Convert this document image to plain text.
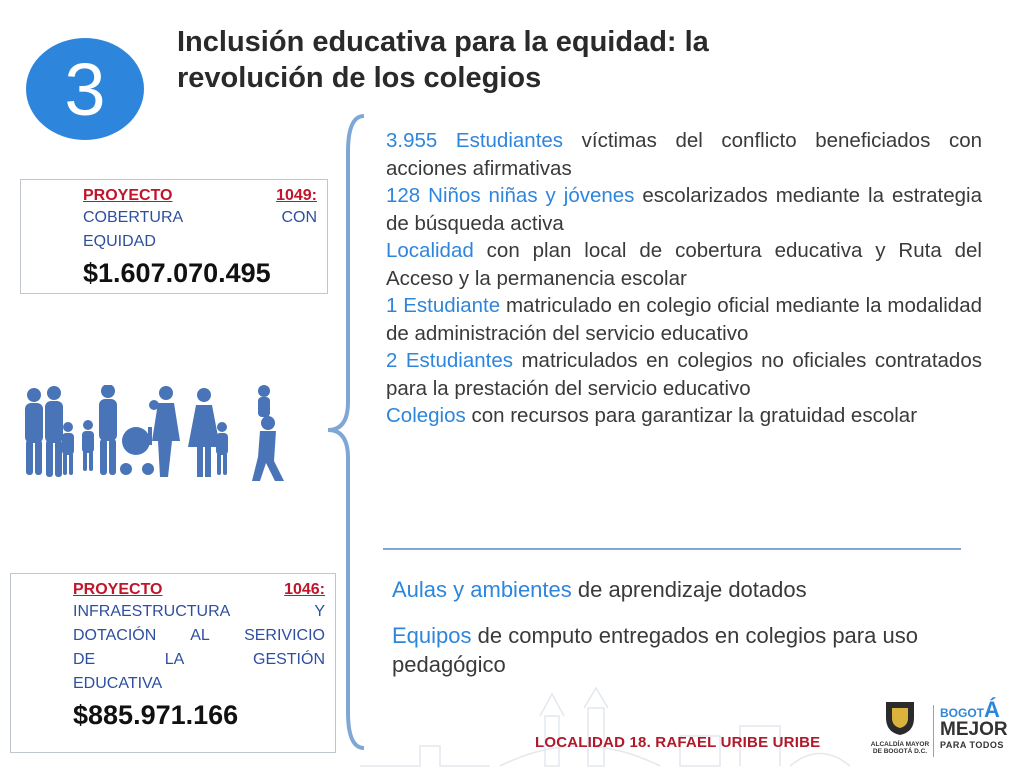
3
Inclusión educativa para la equidad: la
revolución de los colegios
PROYECTO	1049:
COBERTURA CON
EQUIDAD
$1.607.070.495
PROYECTO	1046:
INFRAESTRUCTURA Y
DOTACIÓN AL SERIVICIO
DE LA GESTIÓN
EDUCATIVA
$885.971.166

3.955 Estudiantes víctimas del conflicto beneficiados con acciones afirmativas

128 Niños niñas y jóvenes escolarizados mediante la estrategia de búsqueda activa

Localidad con plan local de cobertura educativa y Ruta del Acceso y la permanencia escolar

1 Estudiante matriculado en colegio oficial mediante la modalidad de administración del servicio educativo

2 Estudiantes matriculados en colegios no oficiales contratados para la prestación del servicio educativo

Colegios con recursos para garantizar la gratuidad escolar

Aulas y ambientes de aprendizaje dotados

Equipos de computo entregados en colegios para uso pedagógico

LOCALIDAD 18. RAFAEL URIBE URIBE	ALCALDÍA MAYOR
DE BOGOTÁ D.C.
BOGOTÁ
MEJOR
PARA TODOS
